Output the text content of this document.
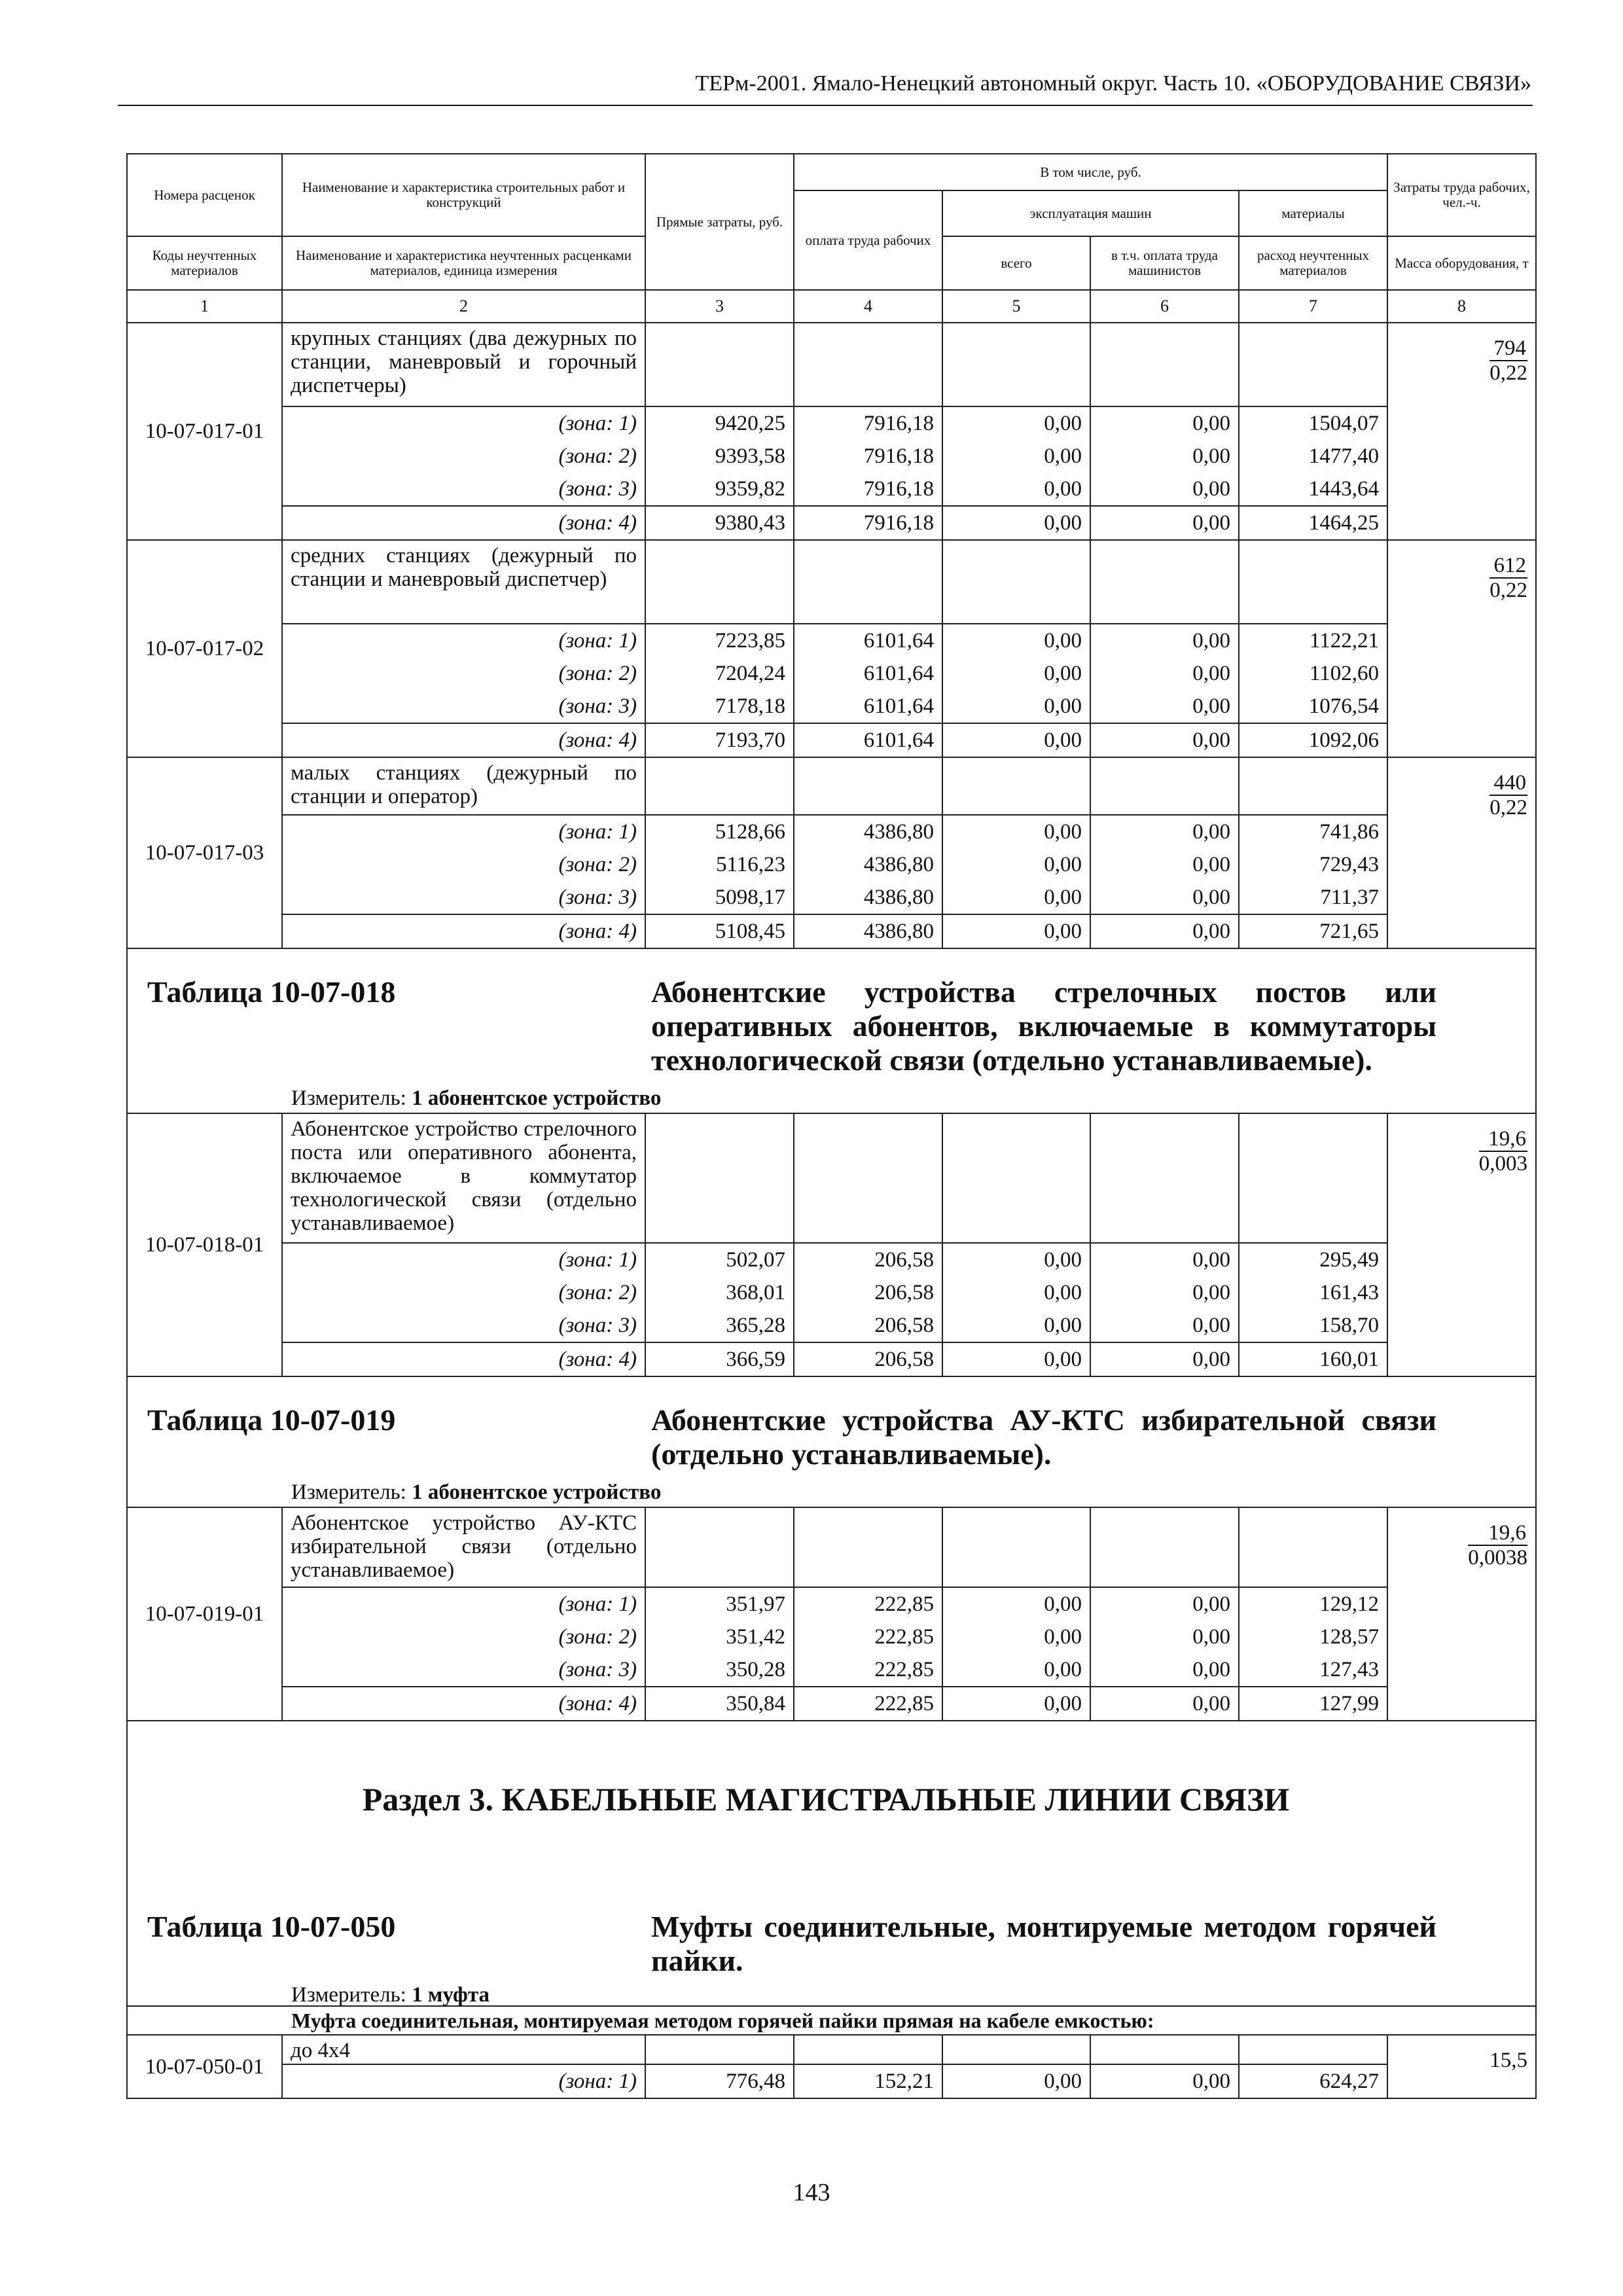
ТЕРм-2001. Ямало-Ненецкий автономный округ. Часть 10. «ОБОРУДОВАНИЕ СВЯЗИ»
Номера расценок	Наименование и характеристика строительных работ и конструкций	Прямые затраты, руб.	В том числе, руб.				Затраты труда рабочих, чел.-ч.
			оплата труда рабочих	эксплуатация машин		материалы	
Коды неучтенных материалов	Наименование и характеристика неучтенных расценками материалов, единица измерения			всего	в т.ч. оплата труда машинистов	расход неучтенных материалов	Масса оборудования, т
1	2	3	4	5	6	7	8
10-07-017-01	крупных станциях (два дежурных по станции, маневровый и горочный диспетчеры)						$\frac{794}{0,22}$

	(зона: 1)	9420,25	7916,18	0,00	0,00	1504,07	
	(зона: 2)	9393,58	7916,18	0,00	0,00	1477,40	
	(зона: 3)	9359,82	7916,18	0,00	0,00	1443,64	
	(зона: 4)	9380,43	7916,18	0,00	0,00	1464,25	
10-07-017-02	средних станциях (дежурный по станции и маневровый диспетчер)						$\frac{612}{0,22}$

	(зона: 1)	7223,85	6101,64	0,00	0,00	1122,21	
	(зона: 2)	7204,24	6101,64	0,00	0,00	1102,60	
	(зона: 3)	7178,18	6101,64	0,00	0,00	1076,54	
	(зона: 4)	7193,70	6101,64	0,00	0,00	1092,06	
10-07-017-03	малых станциях (дежурный по станции и оператор)						$\frac{440}{0,22}$

	(зона: 1)	5128,66	4386,80	0,00	0,00	741,86	
	(зона: 2)	5116,23	4386,80	0,00	0,00	729,43	
	(зона: 3)	5098,17	4386,80	0,00	0,00	711,37	
	(зона: 4)	5108,45	4386,80	0,00	0,00	721,65	

Таблица 10-07-018 Абонентские устройства стрелочных постов или оперативных абонентов, включаемые в коммутаторы технологической связи (отдельно устанавливаемые).
Измеритель: 1 абонентское устройство							

10-07-018-01	Абонентское устройство стрелочного поста или оперативного абонента, включаемое в коммутатор технологической связи (отдельно устанавливаемое)						$\frac{19,6}{0,003}$

	(зона: 1)	502,07	206,58	0,00	0,00	295,49	
	(зона: 2)	368,01	206,58	0,00	0,00	161,43	
	(зона: 3)	365,28	206,58	0,00	0,00	158,70	
	(зона: 4)	366,59	206,58	0,00	0,00	160,01	

Таблица 10-07-019 Абонентские устройства АУ-КТС избирательной связи (отдельно устанавливаемые).
Измеритель: 1 абонентское устройство							

10-07-019-01	Абонентское устройство АУ-КТС избирательной связи (отдельно устанавливаемое)						$\frac{19,6}{0,0038}$

	(зона: 1)	351,97	222,85	0,00	0,00	129,12	
	(зона: 2)	351,42	222,85	0,00	0,00	128,57	
	(зона: 3)	350,28	222,85	0,00	0,00	127,43	
	(зона: 4)	350,84	222,85	0,00	0,00	127,99	

Раздел 3. КАБЕЛЬНЫЕ МАГИСТРАЛЬНЫЕ ЛИНИИ СВЯЗИ
Таблица 10-07-050 Муфты соединительные, монтируемые методом горячей пайки.
Измеритель: 1 муфта							

Муфта соединительная, монтируемая методом горячей пайки прямая на кабеле емкостью:							
10-07-050-01	до 4х4						15,5
	(зона: 1)	776,48	152,21	0,00	0,00	624,27	
143
